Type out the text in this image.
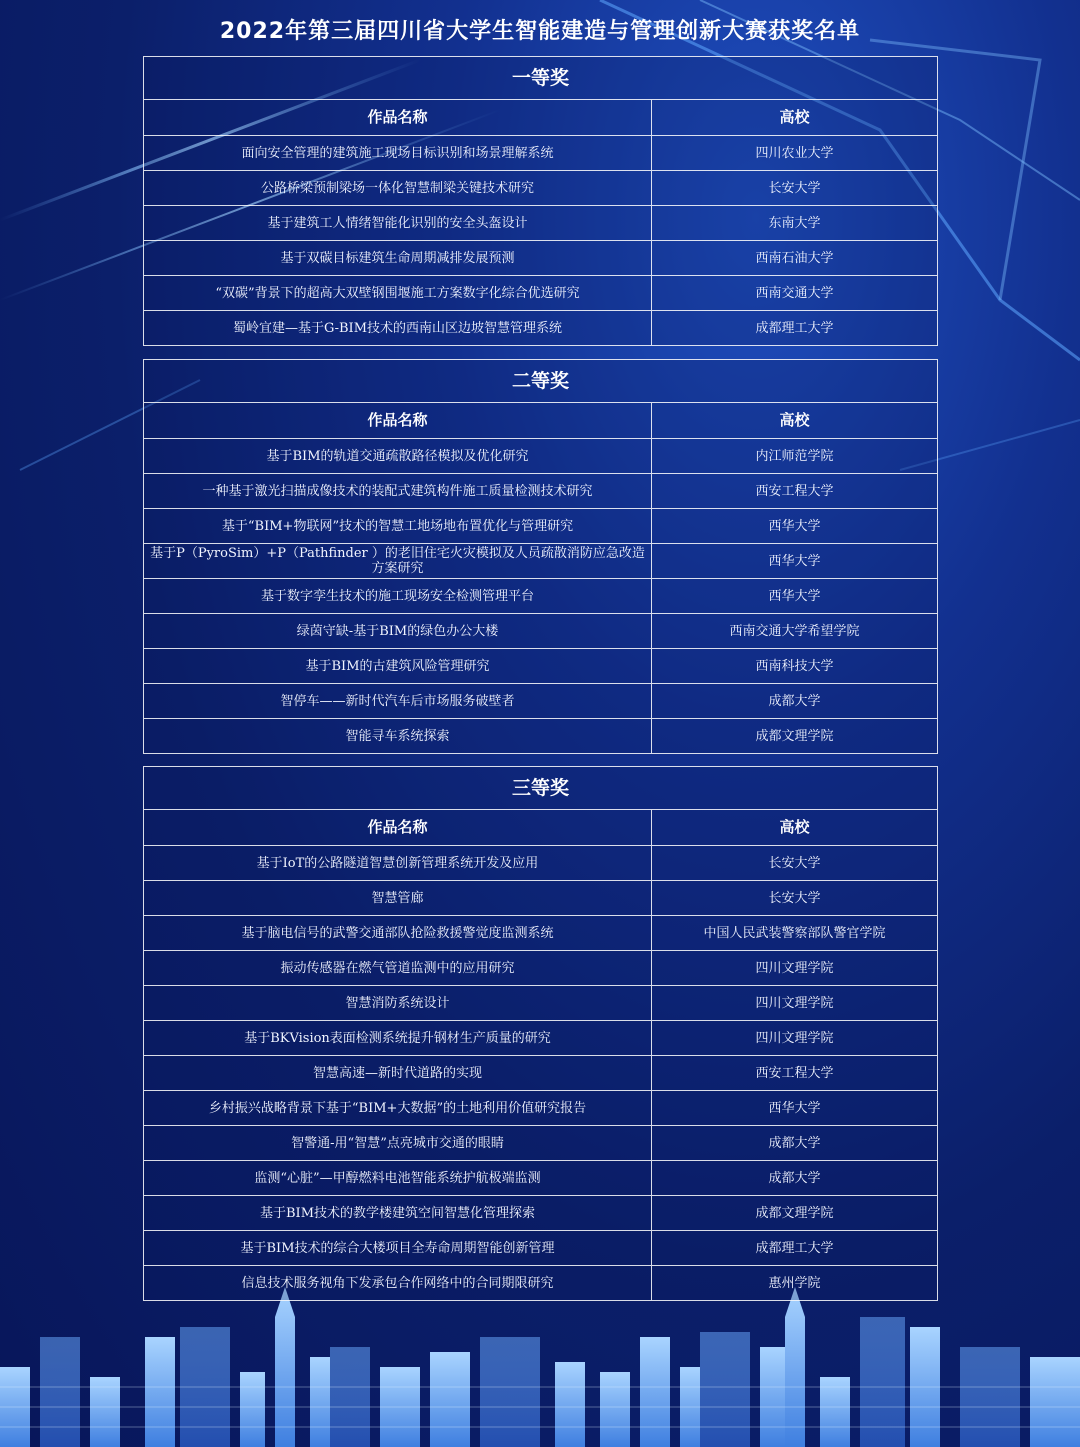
2022年第三届四川省大学生智能建造与管理创新大赛获奖名单
一等奖
作品名称	高校
面向安全管理的建筑施工现场目标识别和场景理解系统	四川农业大学
公路桥梁预制梁场一体化智慧制梁关键技术研究	长安大学
基于建筑工人情绪智能化识别的安全头盔设计	东南大学
基于双碳目标建筑生命周期减排发展预测	西南石油大学
“双碳”背景下的超高大双壁钢围堰施工方案数字化综合优选研究	西南交通大学
蜀岭宜建—基于G-BIM技术的西南山区边坡智慧管理系统	成都理工大学
二等奖
作品名称	高校
基于BIM的轨道交通疏散路径模拟及优化研究	内江师范学院
一种基于激光扫描成像技术的装配式建筑构件施工质量检测技术研究	西安工程大学
基于“BIM+物联网”技术的智慧工地场地布置优化与管理研究	西华大学
基于P（PyroSim）+P（Pathfinder ）的老旧住宅火灾模拟及人员疏散消防应急改造方案研究	西华大学
基于数字孪生技术的施工现场安全检测管理平台	西华大学
绿茵守缺-基于BIM的绿色办公大楼	西南交通大学希望学院
基于BIM的古建筑风险管理研究	西南科技大学
智停车——新时代汽车后市场服务破壁者	成都大学
智能寻车系统探索	成都文理学院
三等奖
作品名称	高校
基于IoT的公路隧道智慧创新管理系统开发及应用	长安大学
智慧管廊	长安大学
基于脑电信号的武警交通部队抢险救援警觉度监测系统	中国人民武装警察部队警官学院
振动传感器在燃气管道监测中的应用研究	四川文理学院
智慧消防系统设计	四川文理学院
基于BKVision表面检测系统提升钢材生产质量的研究	四川文理学院
智慧高速—新时代道路的实现	西安工程大学
乡村振兴战略背景下基于“BIM+大数据”的土地利用价值研究报告	西华大学
智警通-用“智慧”点亮城市交通的眼睛	成都大学
监测“心脏”—甲醇燃料电池智能系统护航极端监测	成都大学
基于BIM技术的教学楼建筑空间智慧化管理探索	成都文理学院
基于BIM技术的综合大楼项目全寿命周期智能创新管理	成都理工大学
信息技术服务视角下发承包合作网络中的合同期限研究	惠州学院
